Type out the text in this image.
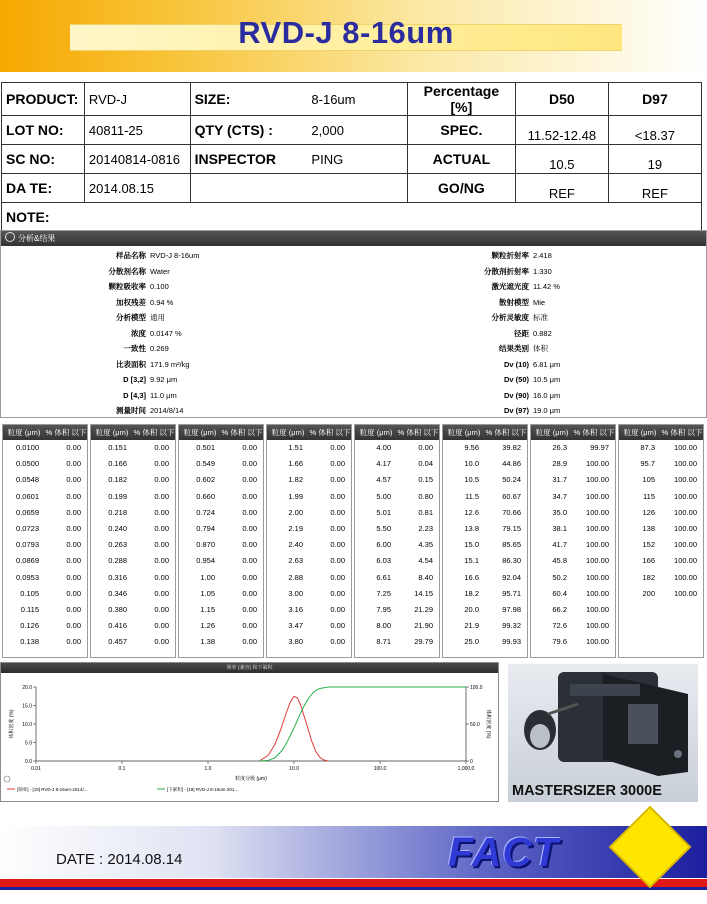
RVD-J 8-16um
PRODUCT:	RVD-J	SIZE:	8-16um	Percentage [%]	D50	D97
LOT NO:	40811-25	QTY (CTS) :	2,000	SPEC.	11.52-12.48	<18.37
SC NO:	20140814-0816	INSPECTOR	PING	ACTUAL	10.5	19
DA TE:	2014.08.15			GO/NG	REF	REF
NOTE:						
分析&结果
样品名称 RVD-J 8-16um
分散剂名称 Water
颗粒吸收率 0.100
加权残差 0.94 %
分析模型 通用
浓度 0.0147 %
一致性 0.269
比表面积 171.9 m²/kg
D [3,2] 9.92 μm
D [4,3] 11.0 μm
测量时间 2014/8/14
颗粒折射率 2.418
分散剂折射率 1.330
激光遮光度 11.42 %
散射模型 Mie
分析灵敏度 标准
径距 0.882
结果类别 体积
Dv (10) 6.81 μm
Dv (50) 10.5 μm
Dv (90) 16.0 μm
Dv (97) 19.0 μm
粒度 (μm) % 体积 以下
0.0100	0.00
0.0500	0.00
0.0548	0.00
0.0601	0.00
0.0659	0.00
0.0723	0.00
0.0793	0.00
0.0869	0.00
0.0953	0.00
0.105	0.00
0.115	0.00
0.126	0.00
0.138	0.00
粒度 (μm) % 体积 以下
0.151	0.00
0.166	0.00
0.182	0.00
0.199	0.00
0.218	0.00
0.240	0.00
0.263	0.00
0.288	0.00
0.316	0.00
0.346	0.00
0.380	0.00
0.416	0.00
0.457	0.00
粒度 (μm) % 体积 以下
0.501	0.00
0.549	0.00
0.602	0.00
0.660	0.00
0.724	0.00
0.794	0.00
0.870	0.00
0.954	0.00
1.00	0.00
1.05	0.00
1.15	0.00
1.26	0.00
1.38	0.00
粒度 (μm) % 体积 以下
1.51	0.00
1.66	0.00
1.82	0.00
1.99	0.00
2.00	0.00
2.19	0.00
2.40	0.00
2.63	0.00
2.88	0.00
3.00	0.00
3.16	0.00
3.47	0.00
3.80	0.00
粒度 (μm) % 体积 以下
4.00	0.00
4.17	0.04
4.57	0.15
5.00	0.80
5.01	0.81
5.50	2.23
6.00	4.35
6.03	4.54
6.61	8.40
7.25	14.15
7.95	21.29
8.00	21.90
8.71	29.79
粒度 (μm) % 体积 以下
9.56	39.82
10.0	44.86
10.5	50.24
11.5	60.67
12.6	70.66
13.8	79.15
15.0	85.65
15.1	86.30
16.6	92.04
18.2	95.71
20.0	97.98
21.9	99.32
25.0	99.93
粒度 (μm) % 体积 以下
26.3	99.97
28.9	100.00
31.7	100.00
34.7	100.00
35.0	100.00
38.1	100.00
41.7	100.00
45.8	100.00
50.2	100.00
60.4	100.00
66.2	100.00
72.6	100.00
79.6	100.00
粒度 (μm) % 体积 以下
87.3	100.00
95.7	100.00
105	100.00
115	100.00
126	100.00
138	100.00
152	100.00
166	100.00
182	100.00
200	100.00
频率 (兼容) 和下累积
0.01	0.1	1.0	10.0	100.0	1,000.0
0.0
5.0
10.0
15.0
20.0
0
50.0
100.0
粒度分级 (μm)
体积密度 (%)	体积密度 (%)
[频率] - [19] RVD-J 8-16um-2014/...	[下累积] - [19] RVD-J 8-16um-201...	MASTERSIZER 3000E
DATE : 2014.08.14	FACT
